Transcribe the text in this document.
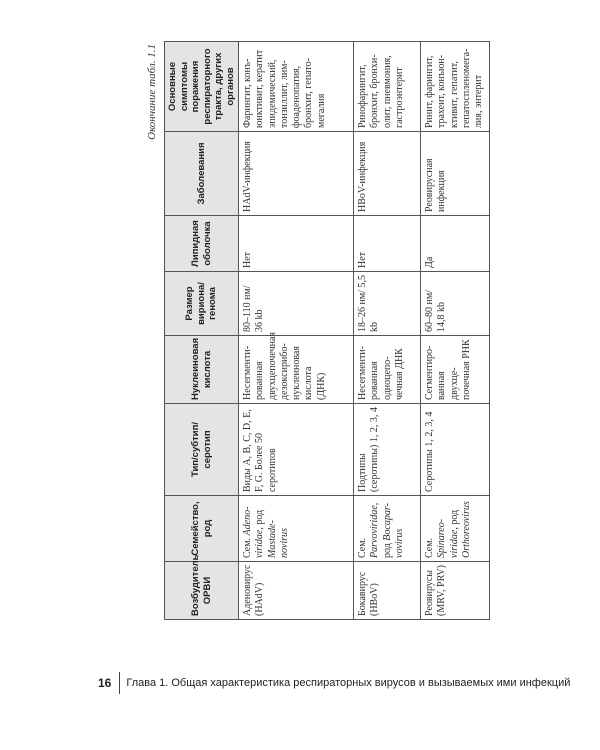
Окончание табл. 1.1
Возбудитель ОРВИ	Семейство, род	Тип/субтип/ серотип	Нуклеиновая кислота	Размер вириона/ генома	Липидная оболочка	Заболевания	Основные симптомы поражения респираторного тракта, других органов
Аденовирус (HAdV)	Сем. Adenoviridae, род Mastadenovirus	Виды A, B, C, D, E, F, G. Более 50 серотипов	Несегментированная двухцепочечная дезоксирибонуклеиновая кислота (ДНК)	80–110 нм/ 36 kb	Нет	HAdV-инфекция	Фарингит, конъюнктивит, кератит эпидемический, тонзиллит, лимфоаденопатия, бронхит, гепатомегалия
Бокавирус (HBoV)	Сем. Parvoviridae, род Bocaparvovirus	Подтипы (серотипы) 1, 2, 3, 4	Несегментированная одноцепочечная ДНК	18–26 нм/ 5,5 kb	Нет	HBoV-инфекция	Ринофарингит, бронхит, бронхиолит, пневмония, гастроэнтерит
Реовирусы (MRV, PRV)	Сем. Spinareoviridae, род Orthoreovirus	Серотипы 1, 2, 3, 4	Сегментированная двухцепочечная РНК	60–80 нм/ 14,8 kb	Да	Реовирусная инфекция	Ринит, фарингит, трахеит, конъюнктивит, гепатит, гепатоспленомегалия, энтерит
16 Глава 1. Общая характеристика респираторных вирусов и вызываемых ими инфекций
